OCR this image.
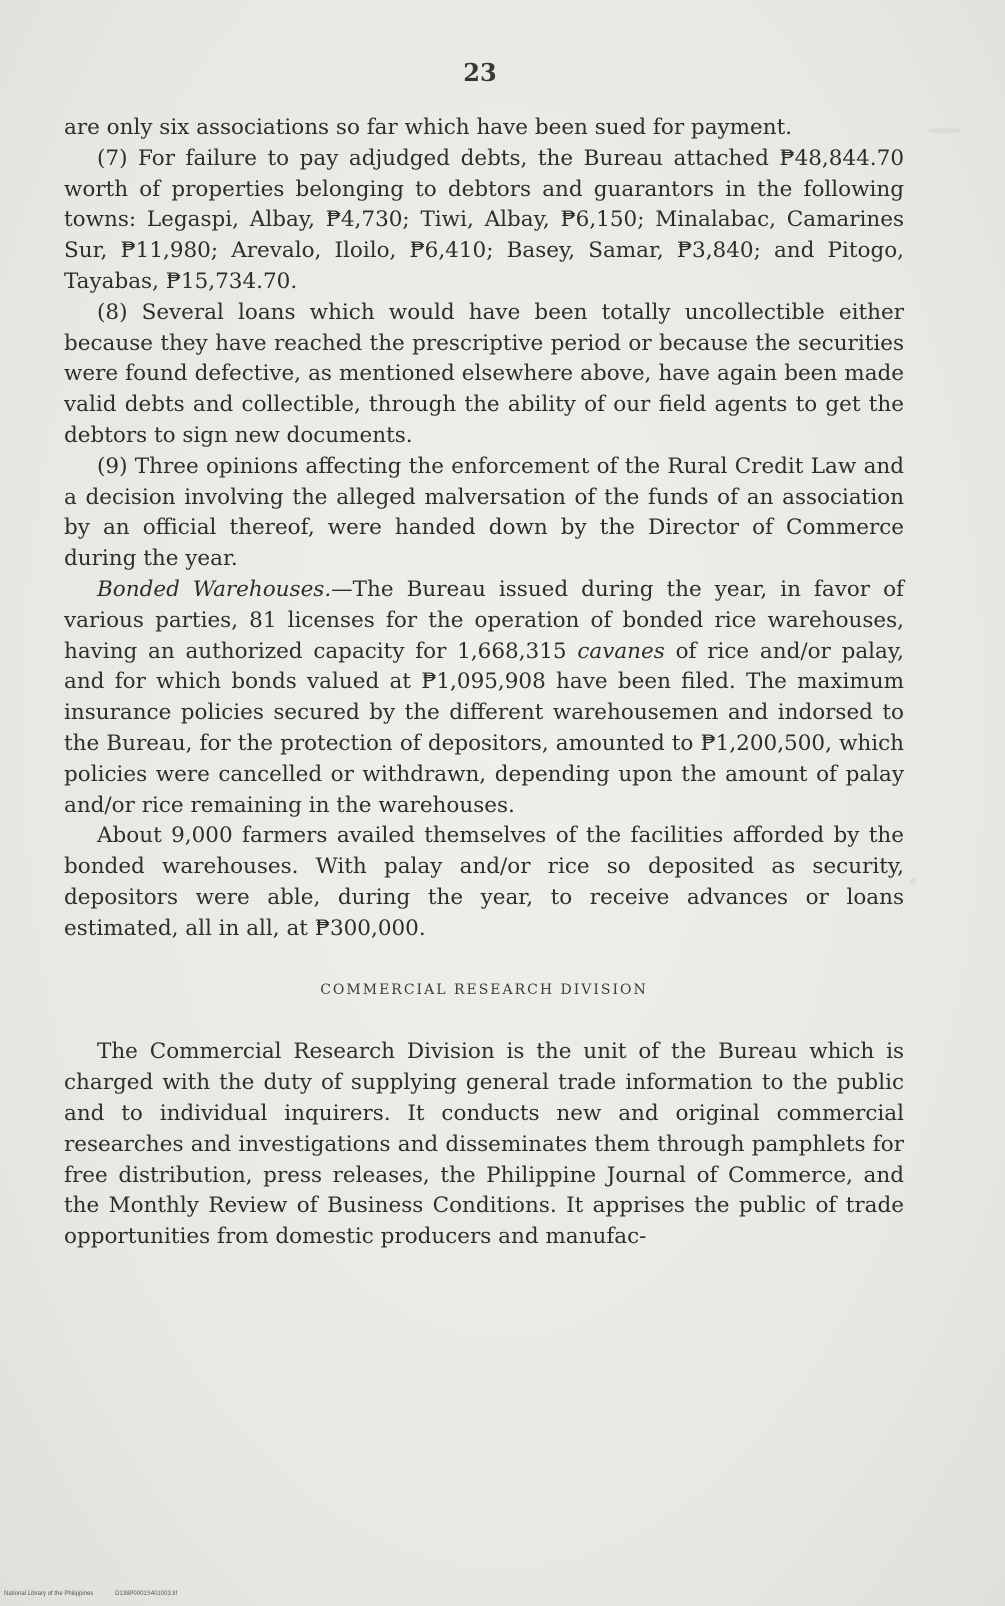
23

are only six associations so far which have been sued for payment.

(7) For failure to pay adjudged debts, the Bureau attached ₱48,844.70 worth of properties belonging to debtors and guarantors in the following towns: Legaspi, Albay, ₱4,730; Tiwi, Albay, ₱6,150; Minalabac, Camarines Sur, ₱11,980; Arevalo, Iloilo, ₱6,410; Basey, Samar, ₱3,840; and Pitogo, Tayabas, ₱15,734.70.

(8) Several loans which would have been totally uncollectible either because they have reached the prescriptive period or because the securities were found defective, as mentioned elsewhere above, have again been made valid debts and collectible, through the ability of our field agents to get the debtors to sign new documents.

(9) Three opinions affecting the enforcement of the Rural Credit Law and a decision involving the alleged malversation of the funds of an association by an official thereof, were handed down by the Director of Commerce during the year.

Bonded Warehouses.—The Bureau issued during the year, in favor of various parties, 81 licenses for the operation of bonded rice warehouses, having an authorized capacity for 1,668,315 cavanes of rice and/or palay, and for which bonds valued at ₱1,095,908 have been filed. The maximum insurance policies secured by the different warehousemen and indorsed to the Bureau, for the protection of depositors, amounted to ₱1,200,500, which policies were cancelled or withdrawn, depending upon the amount of palay and/or rice remaining in the warehouses.

About 9,000 farmers availed themselves of the facilities afforded by the bonded warehouses. With palay and/or rice so deposited as security, depositors were able, during the year, to receive advances or loans estimated, all in all, at ₱300,000.

COMMERCIAL RESEARCH DIVISION

The Commercial Research Division is the unit of the Bureau which is charged with the duty of supplying general trade information to the public and to individual inquirers. It conducts new and original commercial researches and investigations and disseminates them through pamphlets for free distribution, press releases, the Philippine Journal of Commerce, and the Monthly Review of Business Conditions. It apprises the public of trade opportunities from domestic producers and manufac-

National Library of the Philippines	D138P0001S401003.tif
